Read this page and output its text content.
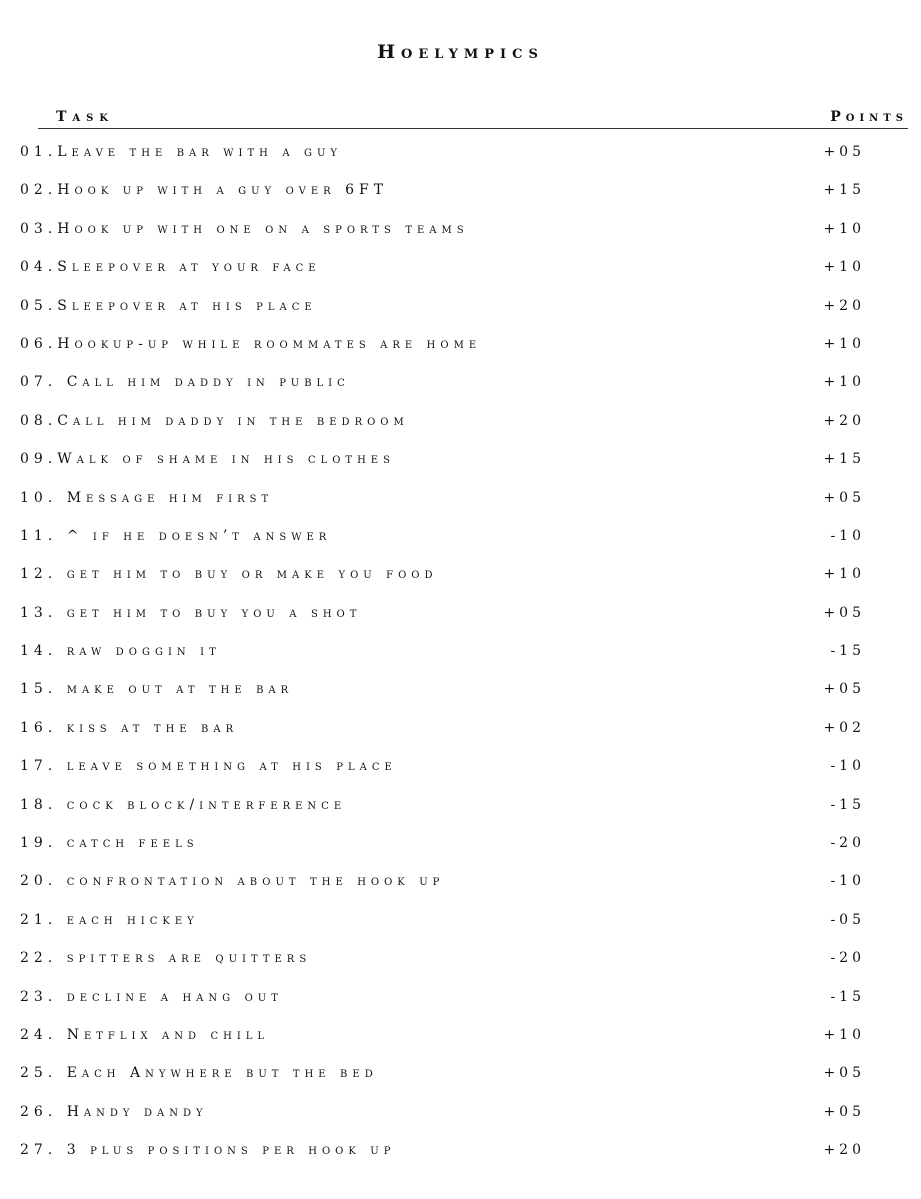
Hoelympics
Task	Points
01.Leave the bar with a guy	+05
02.Hook up with a guy over 6FT	+15
03.Hook up with one on a sports teams	+10
04.Sleepover at your face	+10
05.Sleepover at his place	+20
06.Hookup-up while roommates are home	+10
07. Call him daddy in public	+10
08.Call him daddy in the bedroom	+20
09.Walk of shame in his clothes	+15
10. Message him first	+05
11. ^ if he doesn’t answer	-10
12. get him to buy or make you food	+10
13. get him to buy you a shot	+05
14. raw doggin it	-15
15. make out at the bar	+05
16. kiss at the bar	+02
17. leave something at his place	-10
18. cock block/interference	-15
19. catch feels	-20
20. confrontation about the hook up	-10
21. each hickey	-05
22. spitters are quitters	-20
23. decline a hang out	-15
24. Netflix and chill	+10
25. Each Anywhere but the bed	+05
26. Handy dandy	+05
27. 3 plus positions per hook up	+20
